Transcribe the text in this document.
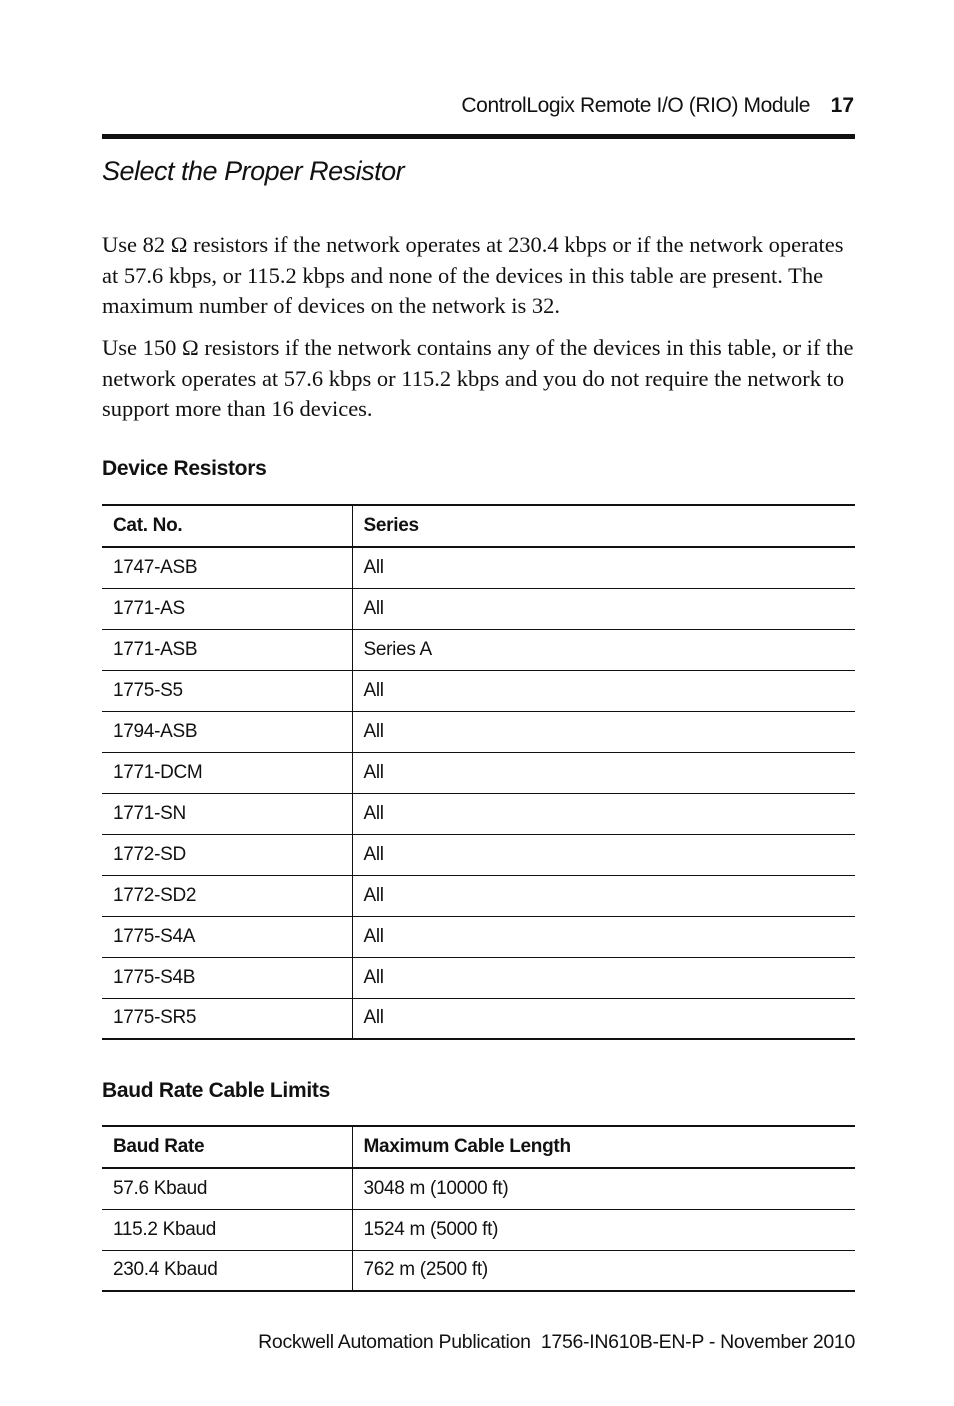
ControlLogix Remote I/O (RIO) Module 17
Select the Proper Resistor

Use 82 Ω resistors if the network operates at 230.4 kbps or if the network operates at 57.6 kbps, or 115.2 kbps and none of the devices in this table are present. The maximum number of devices on the network is 32.

Use 150 Ω resistors if the network contains any of the devices in this table, or if the network operates at 57.6 kbps or 115.2 kbps and you do not require the network to support more than 16 devices.

Device Resistors
Cat. No.	Series
1747-ASB	All
1771-AS	All
1771-ASB	Series A
1775-S5	All
1794-ASB	All
1771-DCM	All
1771-SN	All
1772-SD	All
1772-SD2	All
1775-S4A	All
1775-S4B	All
1775-SR5	All
Baud Rate Cable Limits
Baud Rate	Maximum Cable Length
57.6 Kbaud	3048 m (10000 ft)
115.2 Kbaud	1524 m (5000 ft)
230.4 Kbaud	762 m (2500 ft)
Rockwell Automation Publication  1756-IN610B-EN-P - November 2010
